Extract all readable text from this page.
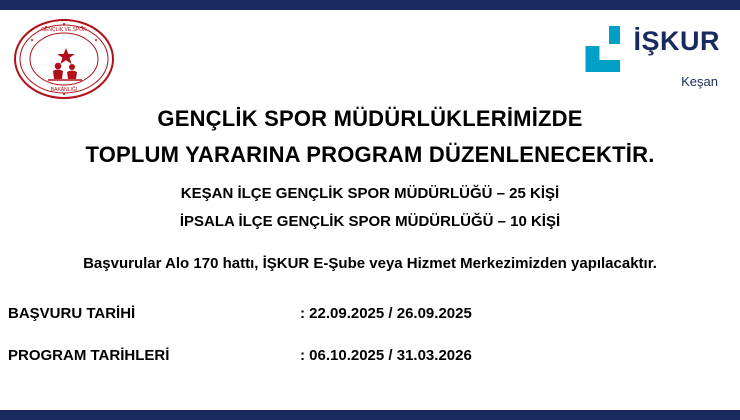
GENÇLİK VE SPOR
BAKANLIĞI
İŞKUR
Keşan
GENÇLİK SPOR MÜDÜRLÜKLERİMİZDE
TOPLUM YARARINA PROGRAM DÜZENLENECEKTİR.
KEŞAN İLÇE GENÇLİK SPOR MÜDÜRLÜĞÜ – 25 KİŞİ
İPSALA İLÇE GENÇLİK SPOR MÜDÜRLÜĞÜ – 10 KİŞİ
Başvurular Alo 170 hattı, İŞKUR E-Şube veya Hizmet Merkezimizden yapılacaktır.
BAŞVURU TARİHİ	: 22.09.2025 / 26.09.2025
PROGRAM TARİHLERİ	: 06.10.2025 / 31.03.2026
